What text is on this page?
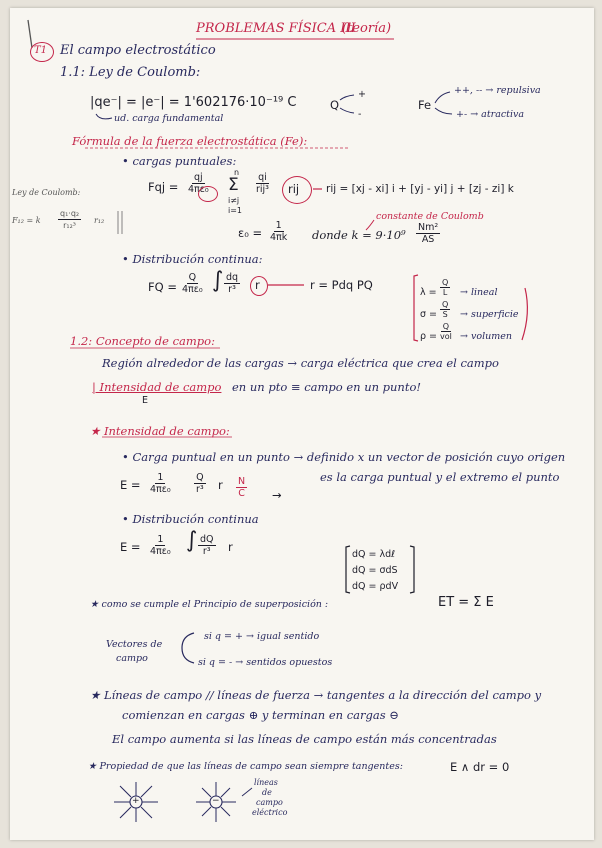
PROBLEMAS FÍSICA III
(teoría)
T1 El campo electrostático
1.1: Ley de Coulomb:
|qe⁻| = |e⁻| = 1'602176·10⁻¹⁹ C
ud. carga fundamental
Q
+
-
Fe
++, -- → repulsiva
+- → atractiva
Fórmula de la fuerza electrostática (Fe):
• cargas puntuales:
Fqj = $\frac{qj}{\text{4πε₀}}$	n
Σ
i≠j
i=1
qi
rij³ rij	rij = [xj - xi] i + [yj - yi] j + [zj - zi] k
$\varepsilon_0 = \frac{1}{4\pi k}$ donde $k = 9\cdot 10^9 \frac{\text{Nm²}}{AS}$
constante de Coulomb
Ley de Coulomb:
F₁₂ = k $\frac{\text{q₁·q₂}}{\text{r₁₂³}} r_{12}$
• Distribución continua:
FQ = $\frac{Q}{\text{4πε₀}}$ ∫ $\frac{dq}{\text{r³}}$ r	r = Pdq PQ
$\lambda = \frac{Q}{L}$ → lineal
$\sigma = \frac{Q}{S}$ → superficie
ρ =
Q
vol → volumen
1.2: Concepto de campo:
Región alrededor de las cargas → carga eléctrica que crea el campo
| Intensidad de campo en un pto ≡ campo en un punto!
E
★ Intensidad de campo:
• Carga puntual en un punto → definido x un vector de posición cuyo origen
es la carga puntual y el extremo el punto
$E = \frac{1}{\text{4πε₀}} \frac{Q}{\text{r³}}$ r $\frac{N}{C}$ →
• Distribución continua
$E = \frac{1}{\text{4πε₀}}$ ∫ $\frac{dQ}{\text{r³}}$ r
dQ = λdℓ
dQ = σdS
dQ = ρdV
★ como se cumple el Principio de superposición :	ET = Σ E
Vectores de
campo
si q = + → igual sentido
si q = - → sentidos opuestos
★ Líneas de campo // líneas de fuerza → tangentes a la dirección del campo y
comienzan en cargas ⊕ y terminan en cargas ⊖
El campo aumenta si las líneas de campo están más concentradas
★ Propiedad de que las líneas de campo sean siempre tangentes:	E ∧ dr = 0
+	−
líneas
de
campo
eléctrico
